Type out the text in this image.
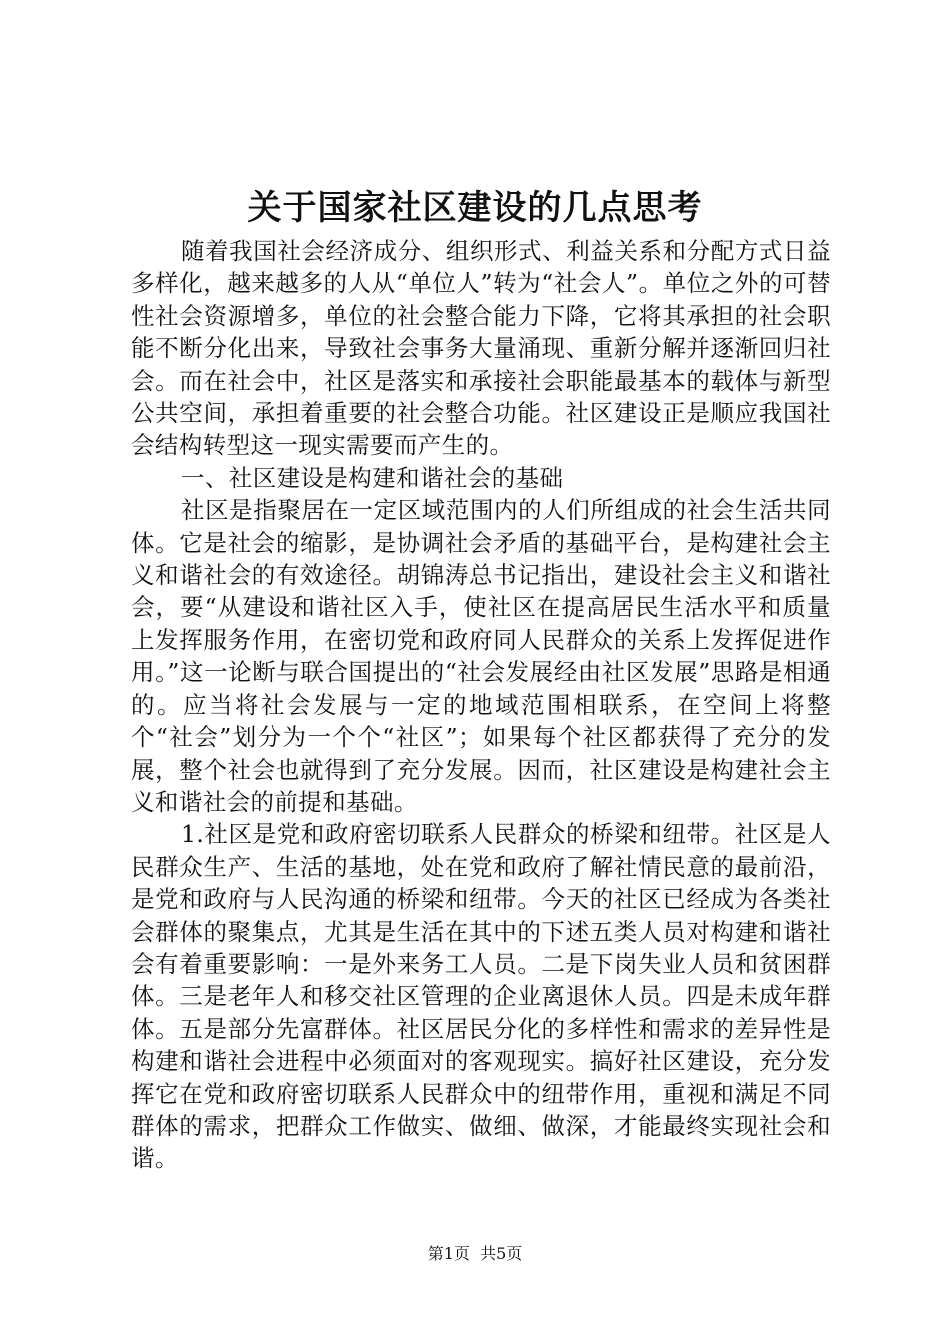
关于国家社区建设的几点思考

随着我国社会经济成分、组织形式、利益关系和分配方式日益多样化，越来越多的人从“单位人”转为“社会人”。单位之外的可替性社会资源增多，单位的社会整合能力下降，它将其承担的社会职能不断分化出来，导致社会事务大量涌现、重新分解并逐渐回归社会。而在社会中，社区是落实和承接社会职能最基本的载体与新型公共空间，承担着重要的社会整合功能。社区建设正是顺应我国社会结构转型这一现实需要而产生的。

一、社区建设是构建和谐社会的基础

社区是指聚居在一定区域范围内的人们所组成的社会生活共同体。它是社会的缩影，是协调社会矛盾的基础平台，是构建社会主义和谐社会的有效途径。胡锦涛总书记指出，建设社会主义和谐社会，要“从建设和谐社区入手，使社区在提高居民生活水平和质量上发挥服务作用，在密切党和政府同人民群众的关系上发挥促进作用。”这一论断与联合国提出的“社会发展经由社区发展”思路是相通的。应当将社会发展与一定的地域范围相联系，在空间上将整个“社会”划分为一个个“社区”；如果每个社区都获得了充分的发展，整个社会也就得到了充分发展。因而，社区建设是构建社会主义和谐社会的前提和基础。

1.社区是党和政府密切联系人民群众的桥梁和纽带。社区是人民群众生产、生活的基地，处在党和政府了解社情民意的最前沿，是党和政府与人民沟通的桥梁和纽带。今天的社区已经成为各类社会群体的聚集点，尤其是生活在其中的下述五类人员对构建和谐社会有着重要影响：一是外来务工人员。二是下岗失业人员和贫困群体。三是老年人和移交社区管理的企业离退休人员。四是未成年群体。五是部分先富群体。社区居民分化的多样性和需求的差异性是构建和谐社会进程中必须面对的客观现实。搞好社区建设，充分发挥它在党和政府密切联系人民群众中的纽带作用，重视和满足不同群体的需求，把群众工作做实、做细、做深，才能最终实现社会和谐。

第1页 共5页
